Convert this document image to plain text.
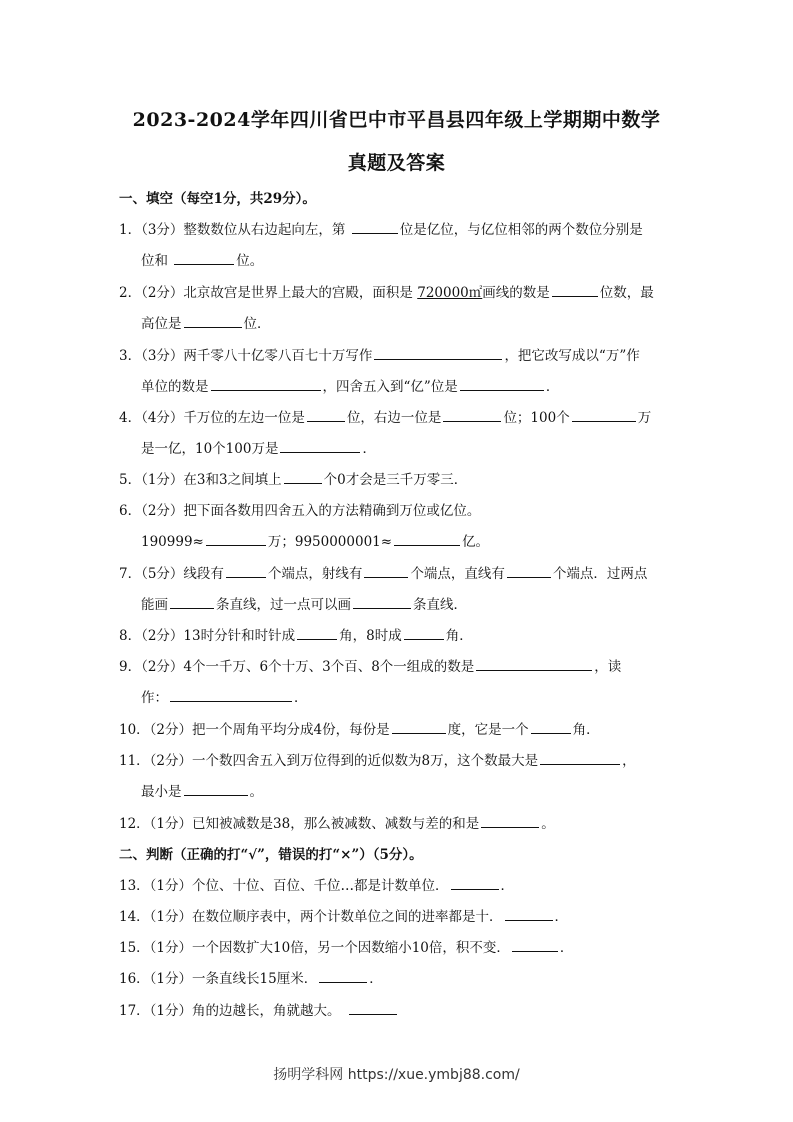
2023-2024学年四川省巴中市平昌县四年级上学期期中数学
真题及答案
一、填空（每空1分，共29分）。
1．（3分）整数数位从右边起向左，第	位是亿位，与亿位相邻的两个数位分别是
位和	位。
2．（2分）北京故宫是世界上最大的宫殿，面积是 720000㎡画线的数是	位数，最
高位是	位．
3．（3分）两千零八十亿零八百七十万写作	，把它改写成以“万”作
单位的数是	，四舍五入到“亿”位是	．
4．（4分）千万位的左边一位是	位，右边一位是	位；100个	万
是一亿，10个100万是	．
5．（1分）在3和3之间填上	个0才会是三千万零三．
6．（2分）把下面各数用四舍五入的方法精确到万位或亿位。
190999≈	万；9950000001≈	亿。
7．（5分）线段有	个端点，射线有	个端点，直线有	个端点．过两点
能画	条直线，过一点可以画	条直线．
8．（2分）13时分针和时针成	角，8时成	角．
9．（2分）4个一千万、6个十万、3个百、8个一组成的数是	，读
作：	．
10．（2分）把一个周角平均分成4份，每份是	度，它是一个	角．
11．（2分）一个数四舍五入到万位得到的近似数为8万，这个数最大是	，
最小是	。
12．（1分）已知被减数是38，那么被减数、减数与差的和是	。
二、判断（正确的打“√”，错误的打“×”）（5分）。
13．（1分）个位、十位、百位、千位…都是计数单位．	．
14．（1分）在数位顺序表中，两个计数单位之间的进率都是十．	．
15．（1分）一个因数扩大10倍，另一个因数缩小10倍，积不变．	．
16．（1分）一条直线长15厘米．	．
17．（1分）角的边越长，角就越大。
扬明学科网 https://xue.ymbj88.com/
